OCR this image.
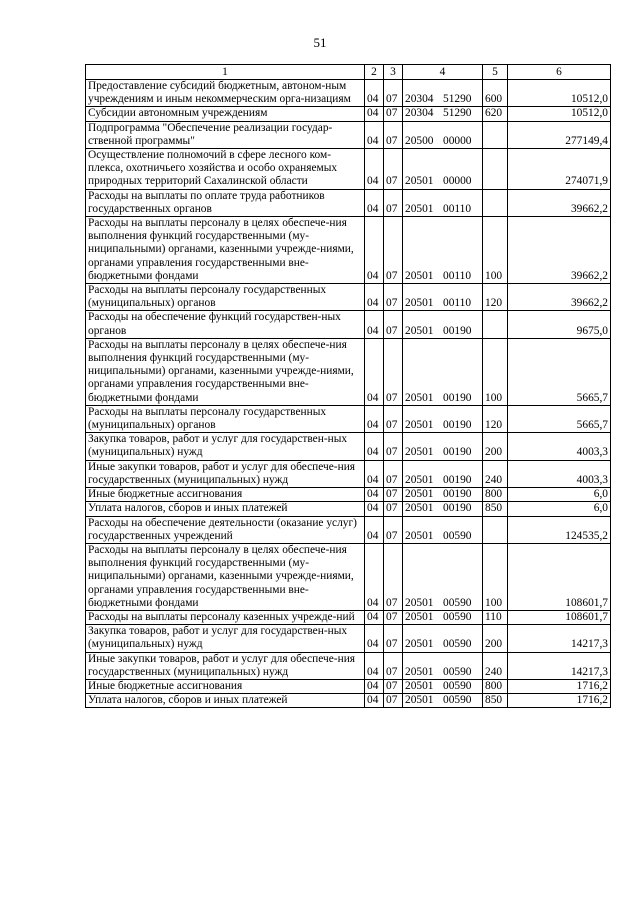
51
1	2	3	4	5	6
Предоставление субсидий бюджетным, автоном-ным учреждениям и иным некоммерческим орга-низациям	04	07	20304 51290	600	10512,0
Субсидии автономным учреждениям	04	07	20304 51290	620	10512,0
Подпрограмма "Обеспечение реализации государ-ственной программы"	04	07	20500 00000		277149,4
Осуществление полномочий в сфере лесного ком-плекса, охотничьего хозяйства и особо охраняемых природных территорий Сахалинской области	04	07	20501 00000		274071,9
Расходы на выплаты по оплате труда работников государственных органов	04	07	20501 00110		39662,2
Расходы на выплаты персоналу в целях обеспече-ния выполнения функций государственными (му-ниципальными) органами, казенными учрежде-ниями, органами управления государственными вне-бюджетными фондами	04	07	20501 00110	100	39662,2
Расходы на выплаты персоналу государственных (муниципальных) органов	04	07	20501 00110	120	39662,2
Расходы на обеспечение функций государствен-ных органов	04	07	20501 00190		9675,0
Расходы на выплаты персоналу в целях обеспече-ния выполнения функций государственными (му-ниципальными) органами, казенными учрежде-ниями, органами управления государственными вне-бюджетными фондами	04	07	20501 00190	100	5665,7
Расходы на выплаты персоналу государственных (муниципальных) органов	04	07	20501 00190	120	5665,7
Закупка товаров, работ и услуг для государствен-ных (муниципальных) нужд	04	07	20501 00190	200	4003,3
Иные закупки товаров, работ и услуг для обеспече-ния государственных (муниципальных) нужд	04	07	20501 00190	240	4003,3
Иные бюджетные ассигнования	04	07	20501 00190	800	6,0
Уплата налогов, сборов и иных платежей	04	07	20501 00190	850	6,0
Расходы на обеспечение деятельности (оказание услуг) государственных учреждений	04	07	20501 00590		124535,2
Расходы на выплаты персоналу в целях обеспече-ния выполнения функций государственными (му-ниципальными) органами, казенными учрежде-ниями, органами управления государственными вне-бюджетными фондами	04	07	20501 00590	100	108601,7
Расходы на выплаты персоналу казенных учрежде-ний	04	07	20501 00590	110	108601,7
Закупка товаров, работ и услуг для государствен-ных (муниципальных) нужд	04	07	20501 00590	200	14217,3
Иные закупки товаров, работ и услуг для обеспече-ния государственных (муниципальных) нужд	04	07	20501 00590	240	14217,3
Иные бюджетные ассигнования	04	07	20501 00590	800	1716,2
Уплата налогов, сборов и иных платежей	04	07	20501 00590	850	1716,2
